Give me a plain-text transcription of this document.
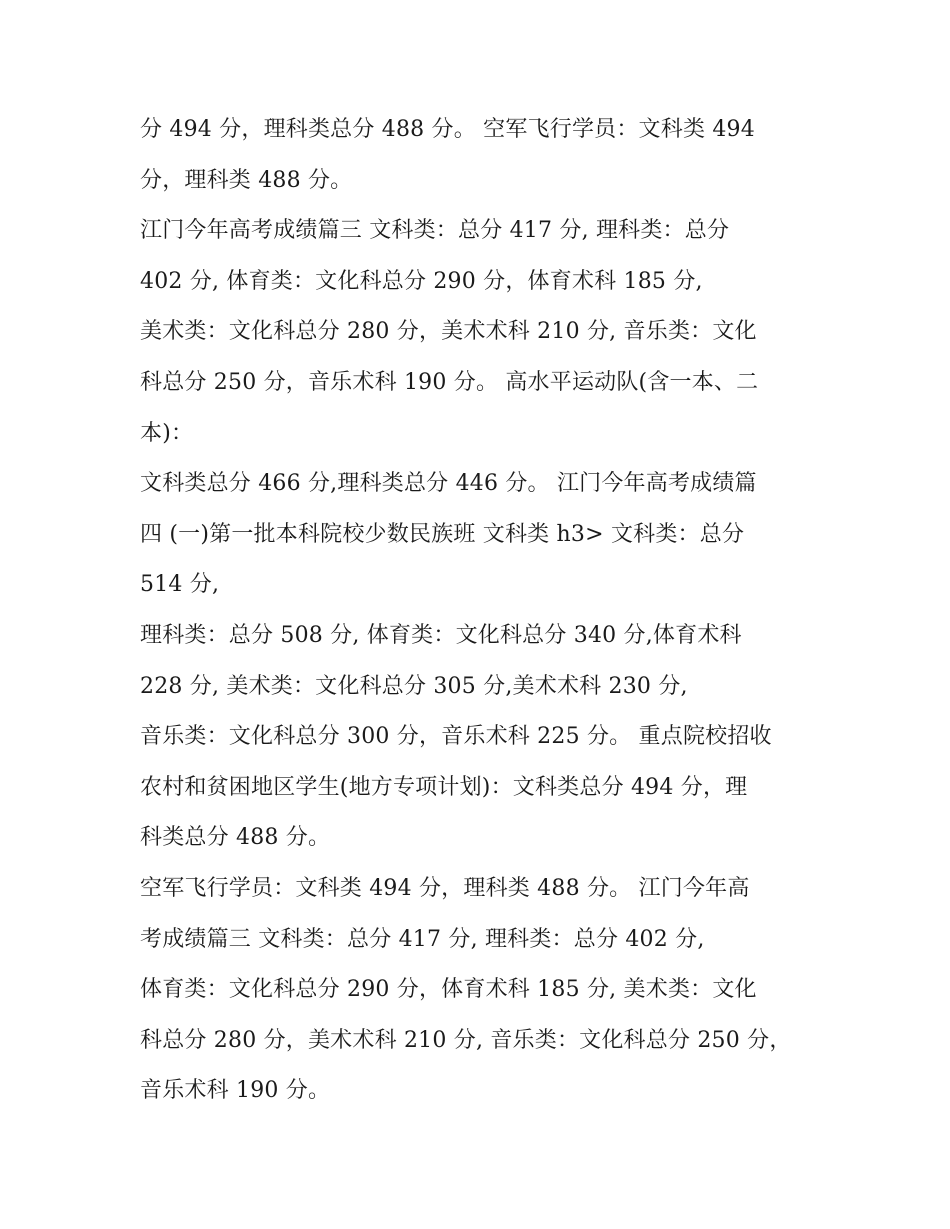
分 494 分，理科类总分 488 分。 空军飞行学员：文科类 494
分，理科类 488 分。
江门今年高考成绩篇三 文科类：总分 417 分, 理科类：总分
402 分, 体育类：文化科总分 290 分，体育术科 185 分,
美术类：文化科总分 280 分，美术术科 210 分, 音乐类：文化
科总分 250 分，音乐术科 190 分。 高水平运动队(含一本、二
本)：
文科类总分 466 分,理科类总分 446 分。 江门今年高考成绩篇
四 (一)第一批本科院校少数民族班 文科类 h3> 文科类：总分
514 分,
理科类：总分 508 分, 体育类：文化科总分 340 分,体育术科
228 分, 美术类：文化科总分 305 分,美术术科 230 分,
音乐类：文化科总分 300 分，音乐术科 225 分。 重点院校招收
农村和贫困地区学生(地方专项计划)：文科类总分 494 分，理
科类总分 488 分。
空军飞行学员：文科类 494 分，理科类 488 分。 江门今年高
考成绩篇三 文科类：总分 417 分, 理科类：总分 402 分,
体育类：文化科总分 290 分，体育术科 185 分, 美术类：文化
科总分 280 分，美术术科 210 分, 音乐类：文化科总分 250 分，
音乐术科 190 分。
